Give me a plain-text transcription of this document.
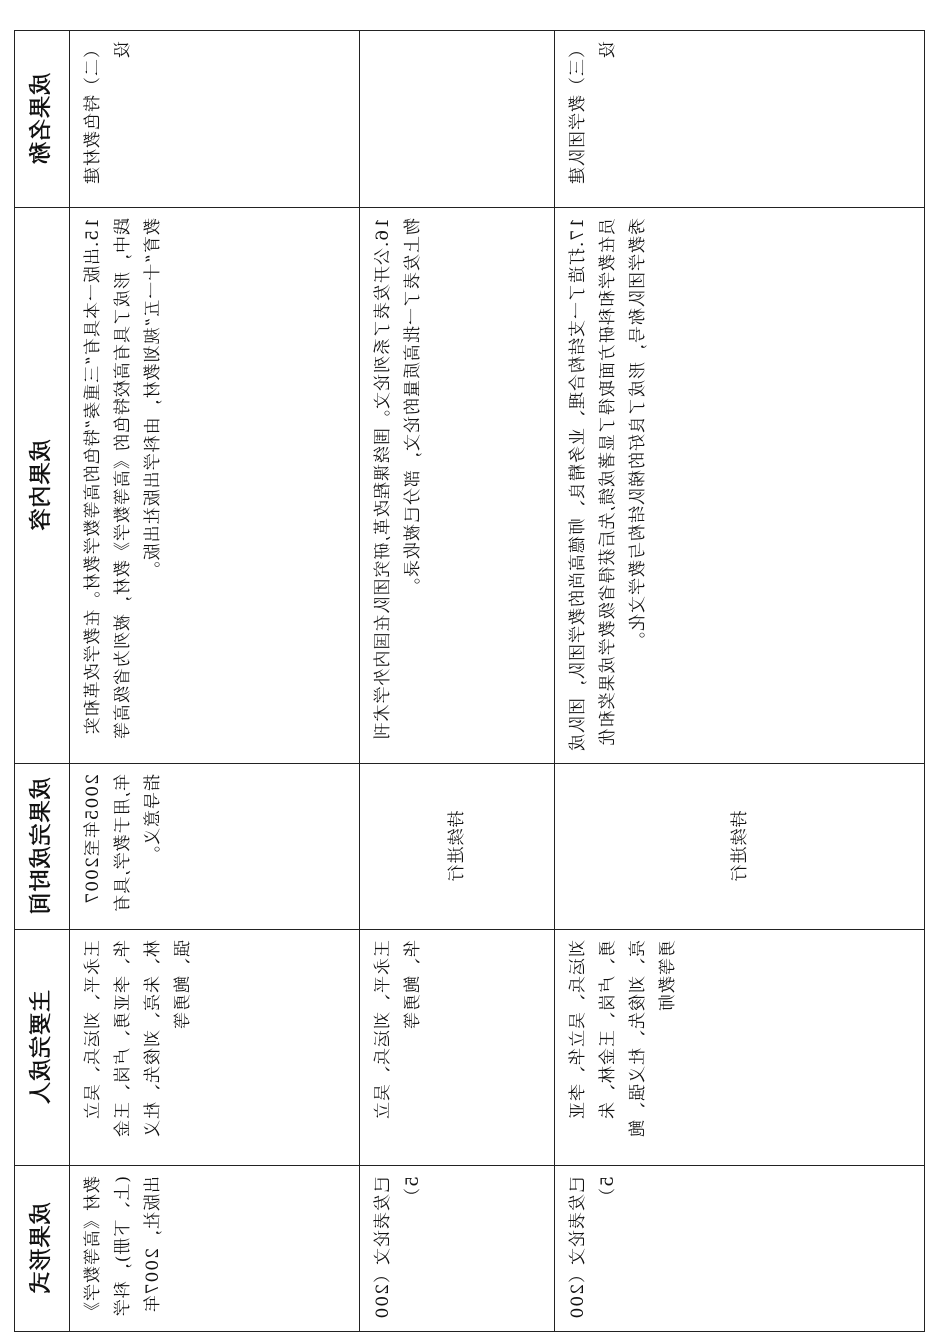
成果名称	成果内容	成果完成时间	主要完成人	成果形式
（二）特色教材建设	15.出版一本具有“三重奏”特色的高等数学教材。在教学改革和实践中，形成了具有高校特色的《高等数学》教材，被列为省级高等教育“十一五”规划教材，由科学出版社出版。	2005年至2007年,用于教学,具有指导意义。	王永平、刘运兵、吴立华、李亚勇、卢岗、王金林、朱亮、刘俊先、杜义强、鲍勇等	教材《高等数学》(上、下册)，科学出版社，2007年
	16.公开发表了系列论文。围绕课程改革,研究团队在国内外学术刊物上发表了一批高质量的论文，部分已被收录。	持续进行	王永平、刘运兵、吴立华、鲍勇等	已发表论文（2005）
（三）教学团队建设	17.打造了一支结构合理、业务精良、师德高尚的教学团队，团队成员在教学和科研方面取得了显著成绩,先后获得省级教学成果奖和优秀教学团队称号，形成了良好的梯队结构与教学文化。	持续进行	刘运兵、吴立华、李亚勇、卢岗、王金林、朱亮、刘俊先、杜义强、鲍勇等教师	已发表论文（2005）
